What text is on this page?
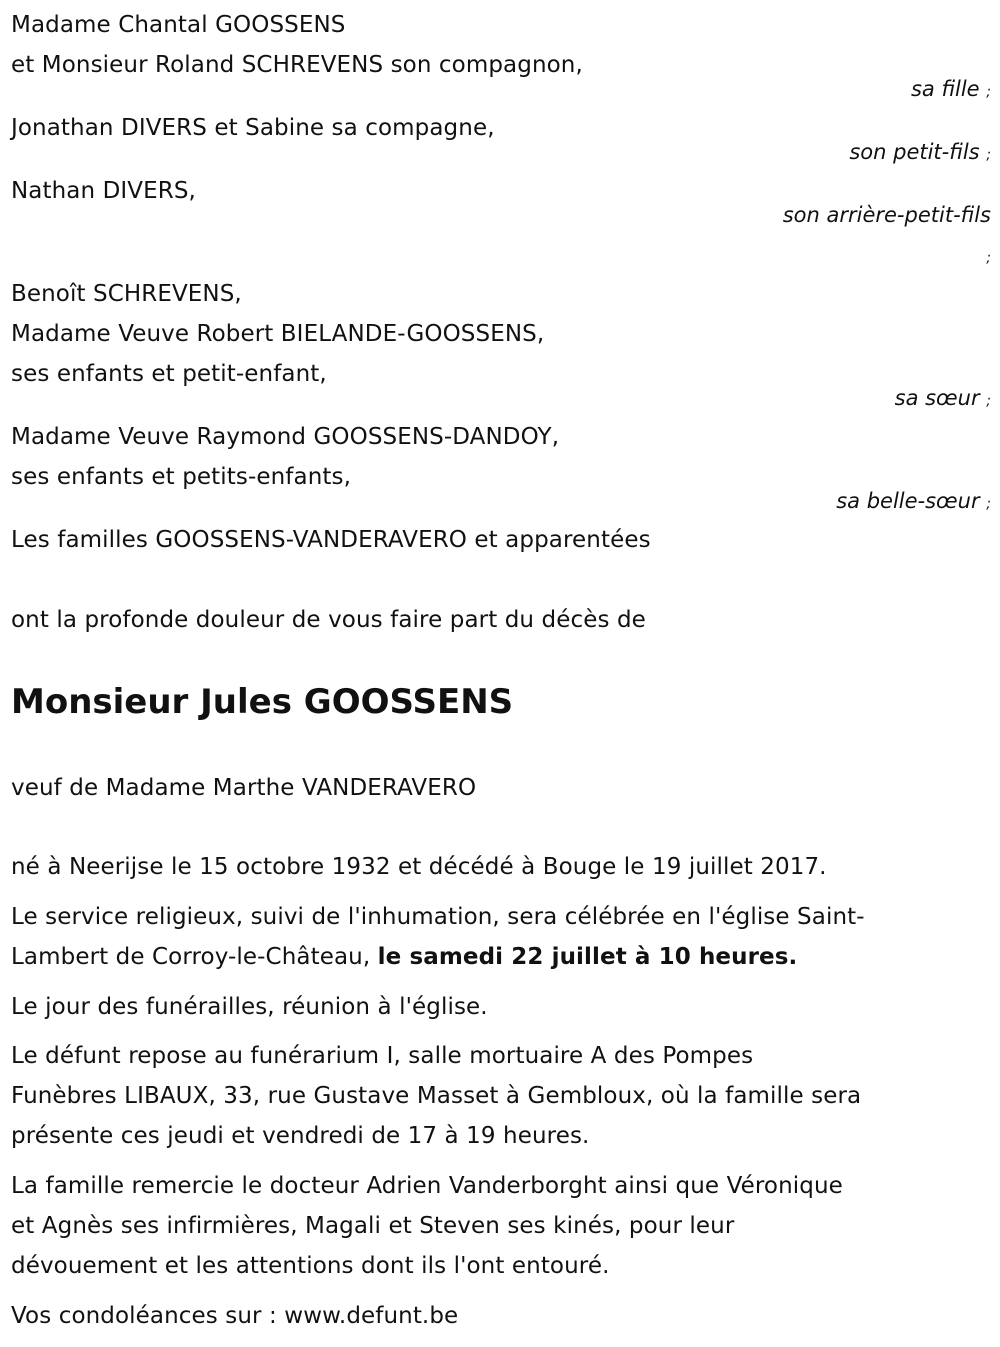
Madame Chantal GOOSSENS
et Monsieur Roland SCHREVENS son compagnon,
sa fille ;
Jonathan DIVERS et Sabine sa compagne,
son petit-fils ;
Nathan DIVERS,
son arrière-petit-fils
;
Benoît SCHREVENS,
Madame Veuve Robert BIELANDE-GOOSSENS,
ses enfants et petit-enfant,
sa sœur ;
Madame Veuve Raymond GOOSSENS-DANDOY,
ses enfants et petits-enfants,
sa belle-sœur ;
Les familles GOOSSENS-VANDERAVERO et apparentées
ont la profonde douleur de vous faire part du décès de
Monsieur Jules GOOSSENS
veuf de Madame Marthe VANDERAVERO
né à Neerijse le 15 octobre 1932 et décédé à Bouge le 19 juillet 2017.
Le service religieux, suivi de l'inhumation, sera célébrée en l'église Saint-
Lambert de Corroy-le-Château, le samedi 22 juillet à 10 heures.
Le jour des funérailles, réunion à l'église.
Le défunt repose au funérarium I, salle mortuaire A des Pompes
Funèbres LIBAUX, 33, rue Gustave Masset à Gembloux, où la famille sera
présente ces jeudi et vendredi de 17 à 19 heures.
La famille remercie le docteur Adrien Vanderborght ainsi que Véronique
et Agnès ses infirmières, Magali et Steven ses kinés, pour leur
dévouement et les attentions dont ils l'ont entouré.
Vos condoléances sur : www.defunt.be
